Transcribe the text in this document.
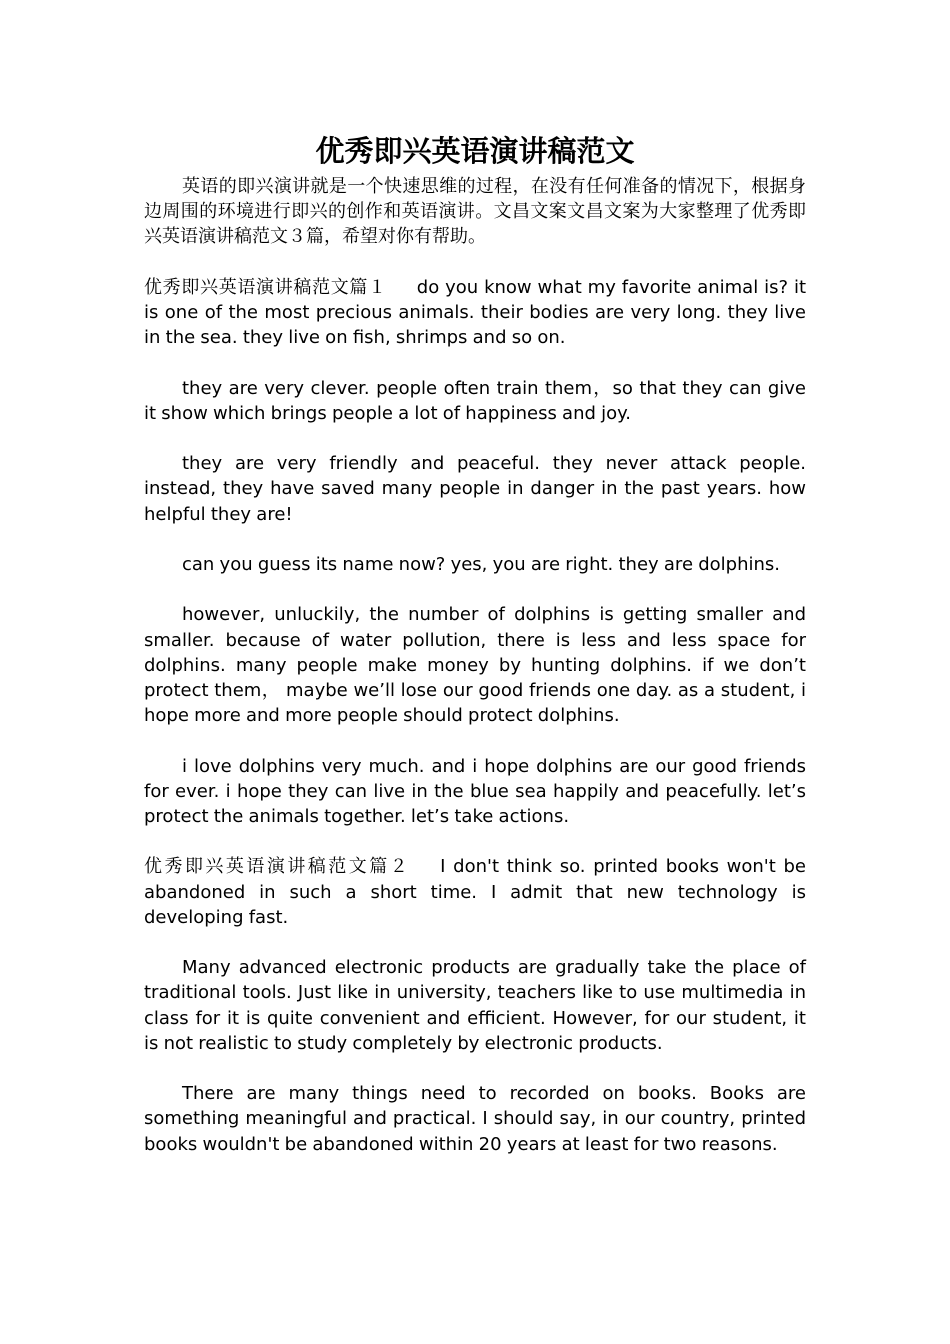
优秀即兴英语演讲稿范文

英语的即兴演讲就是一个快速思维的过程，在没有任何准备的情况下，根据身边周围的环境进行即兴的创作和英语演讲。文昌文案文昌文案为大家整理了优秀即兴英语演讲稿范文３篇，希望对你有帮助。

优秀即兴英语演讲稿范文篇１ do you know what my favorite animal is? it is one of the most precious animals. their bodies are very long. they live in the sea. they live on fish, shrimps and so on.

they are very clever. people often train them，so that they can give it show which brings people a lot of happiness and joy.

they are very friendly and peaceful. they never attack people. instead, they have saved many people in danger in the past years. how helpful they are!

can you guess its name now? yes, you are right. they are dolphins.

however, unluckily, the number of dolphins is getting smaller and smaller. because of water pollution, there is less and less space for dolphins. many people make money by hunting dolphins. if we don’t protect them， maybe we’ll lose our good friends one day. as a student, i hope more and more people should protect dolphins.

i love dolphins very much. and i hope dolphins are our good friends for ever. i hope they can live in the blue sea happily and peacefully. let’s protect the animals together. let’s take actions.

优秀即兴英语演讲稿范文篇２ I don't think so. printed books won't be abandoned in such a short time. I admit that new technology is developing fast.

Many advanced electronic products are gradually take the place of traditional tools. Just like in university, teachers like to use multimedia in class for it is quite convenient and efficient. However, for our student, it is not realistic to study completely by electronic products.

There are many things need to recorded on books. Books are something meaningful and practical. I should say, in our country, printed books wouldn't be abandoned within 20 years at least for two reasons.
